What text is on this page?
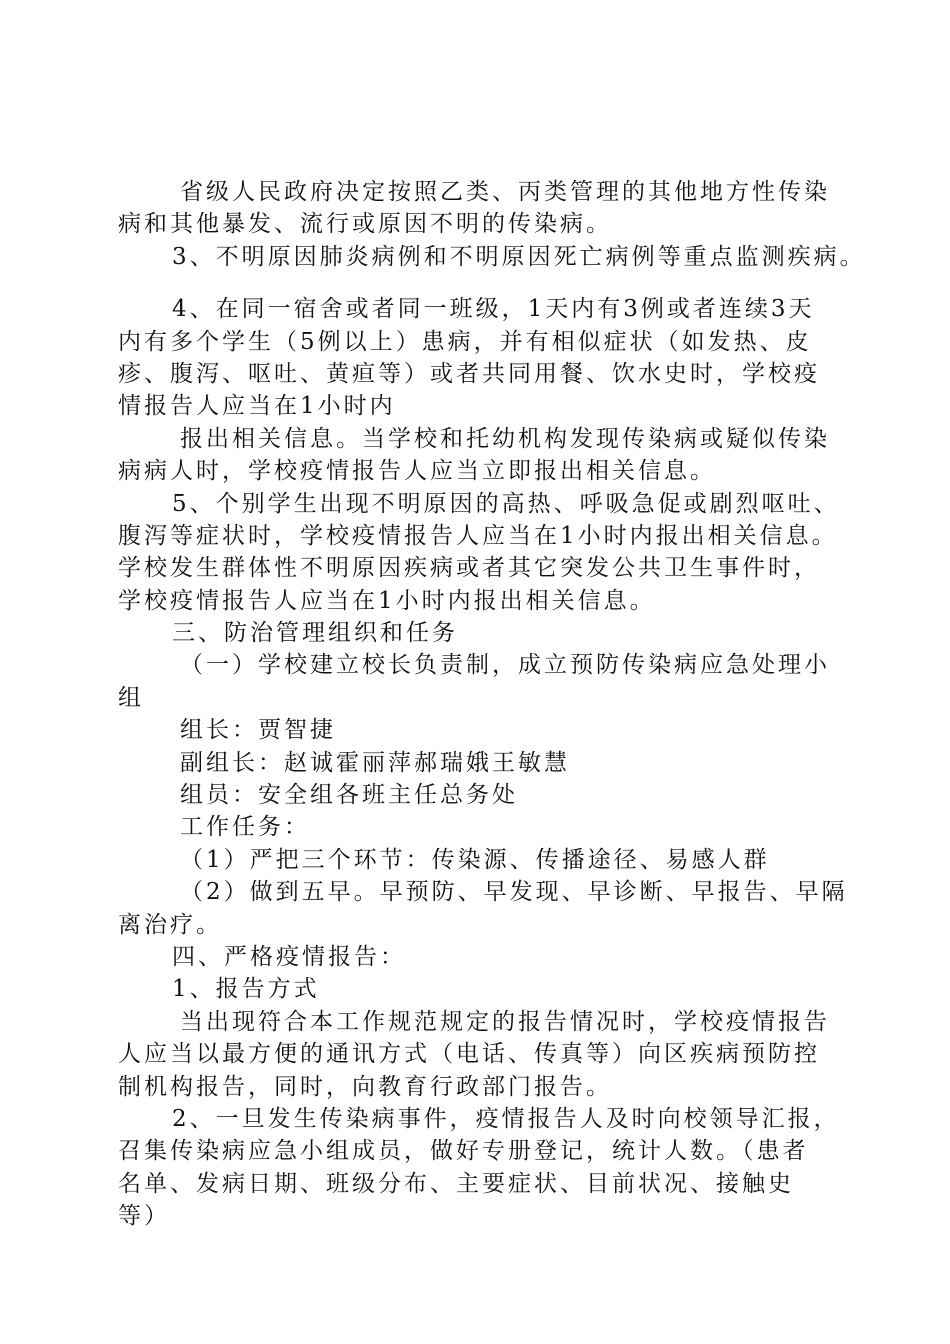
省级人民政府决定按照乙类、丙类管理的其他地方性传染
病和其他暴发、流行或原因不明的传染病。
3、不明原因肺炎病例和不明原因死亡病例等重点监测疾病。
4、在同一宿舍或者同一班级，1天内有3例或者连续3天
内有多个学生（5例以上）患病，并有相似症状（如发热、皮
疹、腹泻、呕吐、黄疸等）或者共同用餐、饮水史时，学校疫
情报告人应当在1小时内
报出相关信息。当学校和托幼机构发现传染病或疑似传染
病病人时，学校疫情报告人应当立即报出相关信息。
5、个别学生出现不明原因的高热、呼吸急促或剧烈呕吐、
腹泻等症状时，学校疫情报告人应当在1小时内报出相关信息。
学校发生群体性不明原因疾病或者其它突发公共卫生事件时，
学校疫情报告人应当在1小时内报出相关信息。
三、防治管理组织和任务
（一）学校建立校长负责制，成立预防传染病应急处理小
组
组长：贾智捷
副组长：赵诚霍丽萍郝瑞娥王敏慧
组员：安全组各班主任总务处
工作任务：
（1）严把三个环节：传染源、传播途径、易感人群
（2）做到五早。早预防、早发现、早诊断、早报告、早隔
离治疗。
四、严格疫情报告：
1、报告方式
当出现符合本工作规范规定的报告情况时，学校疫情报告
人应当以最方便的通讯方式（电话、传真等）向区疾病预防控
制机构报告，同时，向教育行政部门报告。
2、一旦发生传染病事件，疫情报告人及时向校领导汇报，
召集传染病应急小组成员，做好专册登记，统计人数。（患者
名单、发病日期、班级分布、主要症状、目前状况、接触史
等）
